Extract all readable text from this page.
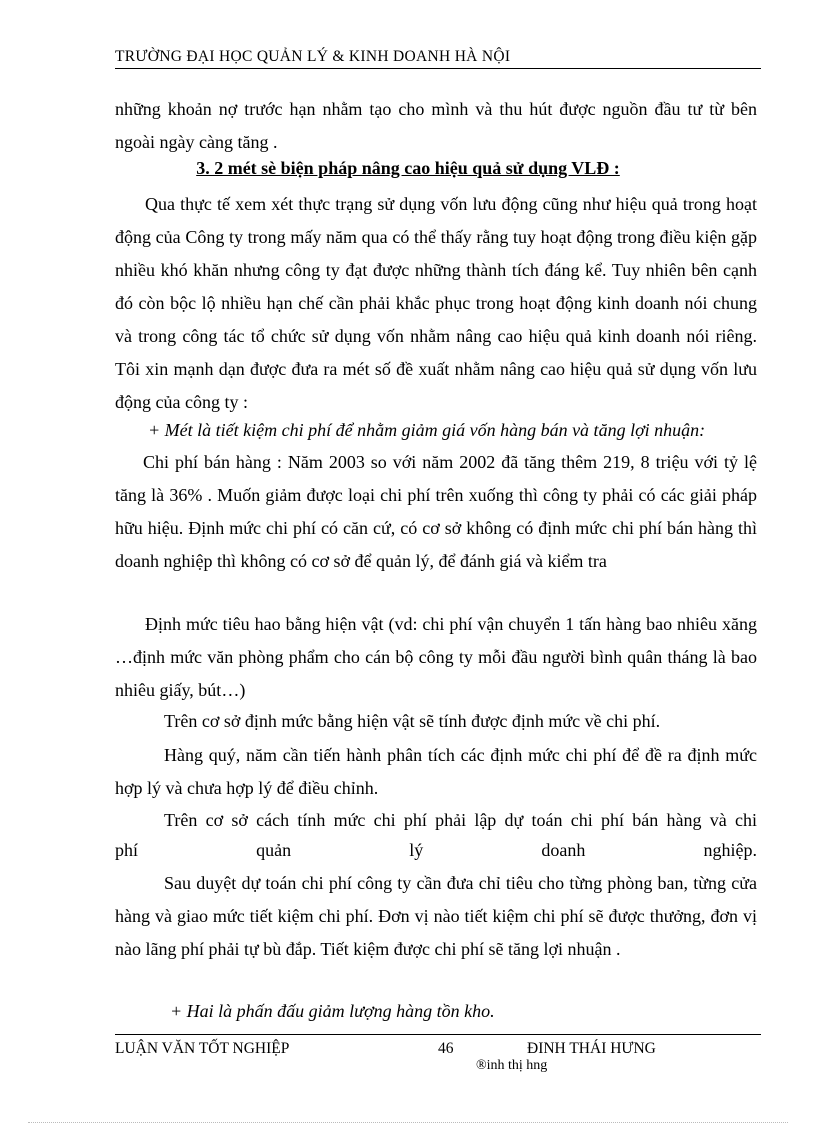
TRƯỜNG ĐẠI HỌC QUẢN LÝ & KINH DOANH HÀ NỘI

những khoản nợ trước hạn nhằm tạo cho mình và thu hút được nguồn đầu tư từ bên

ngoài ngày càng tăng .

3. 2 mét sè biện pháp nâng cao hiệu quả sử dụng VLĐ :

Qua thực tế xem xét thực trạng sử dụng vốn lưu động cũng như hiệu quả trong hoạt động của Công ty trong mấy năm qua có thể thấy rằng tuy hoạt động trong điều kiện gặp nhiều khó khăn nhưng công ty đạt được những thành tích đáng kể. Tuy nhiên bên cạnh đó còn bộc lộ nhiều hạn chế cần phải khắc phục trong hoạt động kinh doanh nói chung và trong công tác tổ chức sử dụng vốn nhằm nâng cao hiệu quả kinh doanh nói riêng. Tôi xin mạnh dạn được đưa ra mét số đề xuất nhằm nâng cao hiệu quả sử dụng vốn lưu động của công ty :

+ Mét là tiết kiệm chi phí để nhằm giảm giá vốn hàng bán và tăng lợi nhuận:

Chi phí bán hàng : Năm 2003 so với năm 2002 đã tăng thêm 219, 8 triệu với tỷ lệ tăng là 36% . Muốn giảm được loại chi phí trên xuống thì công ty phải có các giải pháp hữu hiệu. Định mức chi phí có căn cứ, có cơ sở không có định mức chi phí bán hàng thì doanh nghiệp thì không có cơ sở để quản lý, để đánh giá và kiểm tra

Định mức tiêu hao bằng hiện vật (vd: chi phí vận chuyển 1 tấn hàng bao nhiêu xăng …định mức văn phòng phẩm cho cán bộ công ty mỗi đầu người bình quân tháng là bao nhiêu giấy, bút…)

Trên cơ sở định mức bằng hiện vật sẽ tính được định mức về chi phí.

Hàng quý, năm cần tiến hành phân tích các định mức chi phí để đề ra định mức hợp lý và chưa hợp lý để điều chỉnh.

Trên cơ sở cách tính mức chi phí phải lập dự toán chi phí bán hàng và chi

phí quản lý doanh nghiệp.

Sau duyệt dự toán chi phí công ty cần đưa chỉ tiêu cho từng phòng ban, từng cửa hàng và giao mức tiết kiệm chi phí. Đơn vị nào tiết kiệm chi phí sẽ được thưởng, đơn vị nào lãng phí phải tự bù đắp. Tiết kiệm được chi phí sẽ tăng lợi nhuận .

+ Hai là phấn đấu giảm lượng hàng tồn kho.

LUẬN VĂN TỐT NGHIỆP	46	ĐINH THÁI HƯNG
®inh thị hng
